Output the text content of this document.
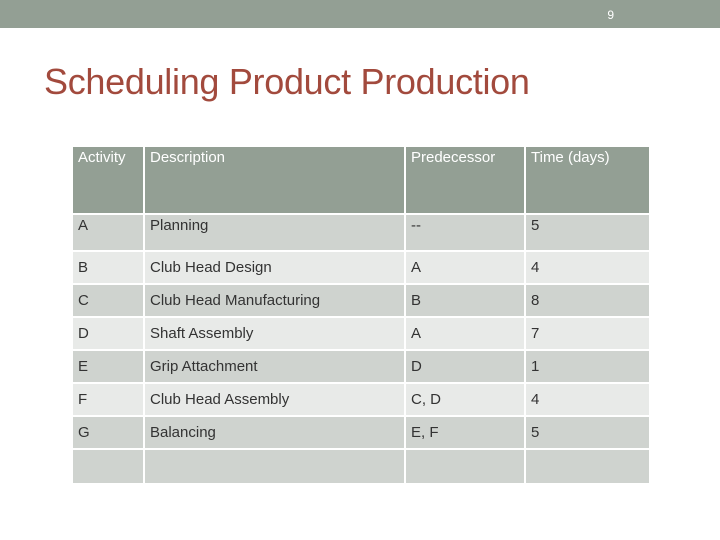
9
Scheduling Product Production
Activity	Description	Predecessor	Time (days)
A	Planning	--	5
B	Club Head Design	A	4
C	Club Head Manufacturing	B	8
D	Shaft Assembly	A	7
E	Grip Attachment	D	1
F	Club Head Assembly	C, D	4
G	Balancing	E, F	5
